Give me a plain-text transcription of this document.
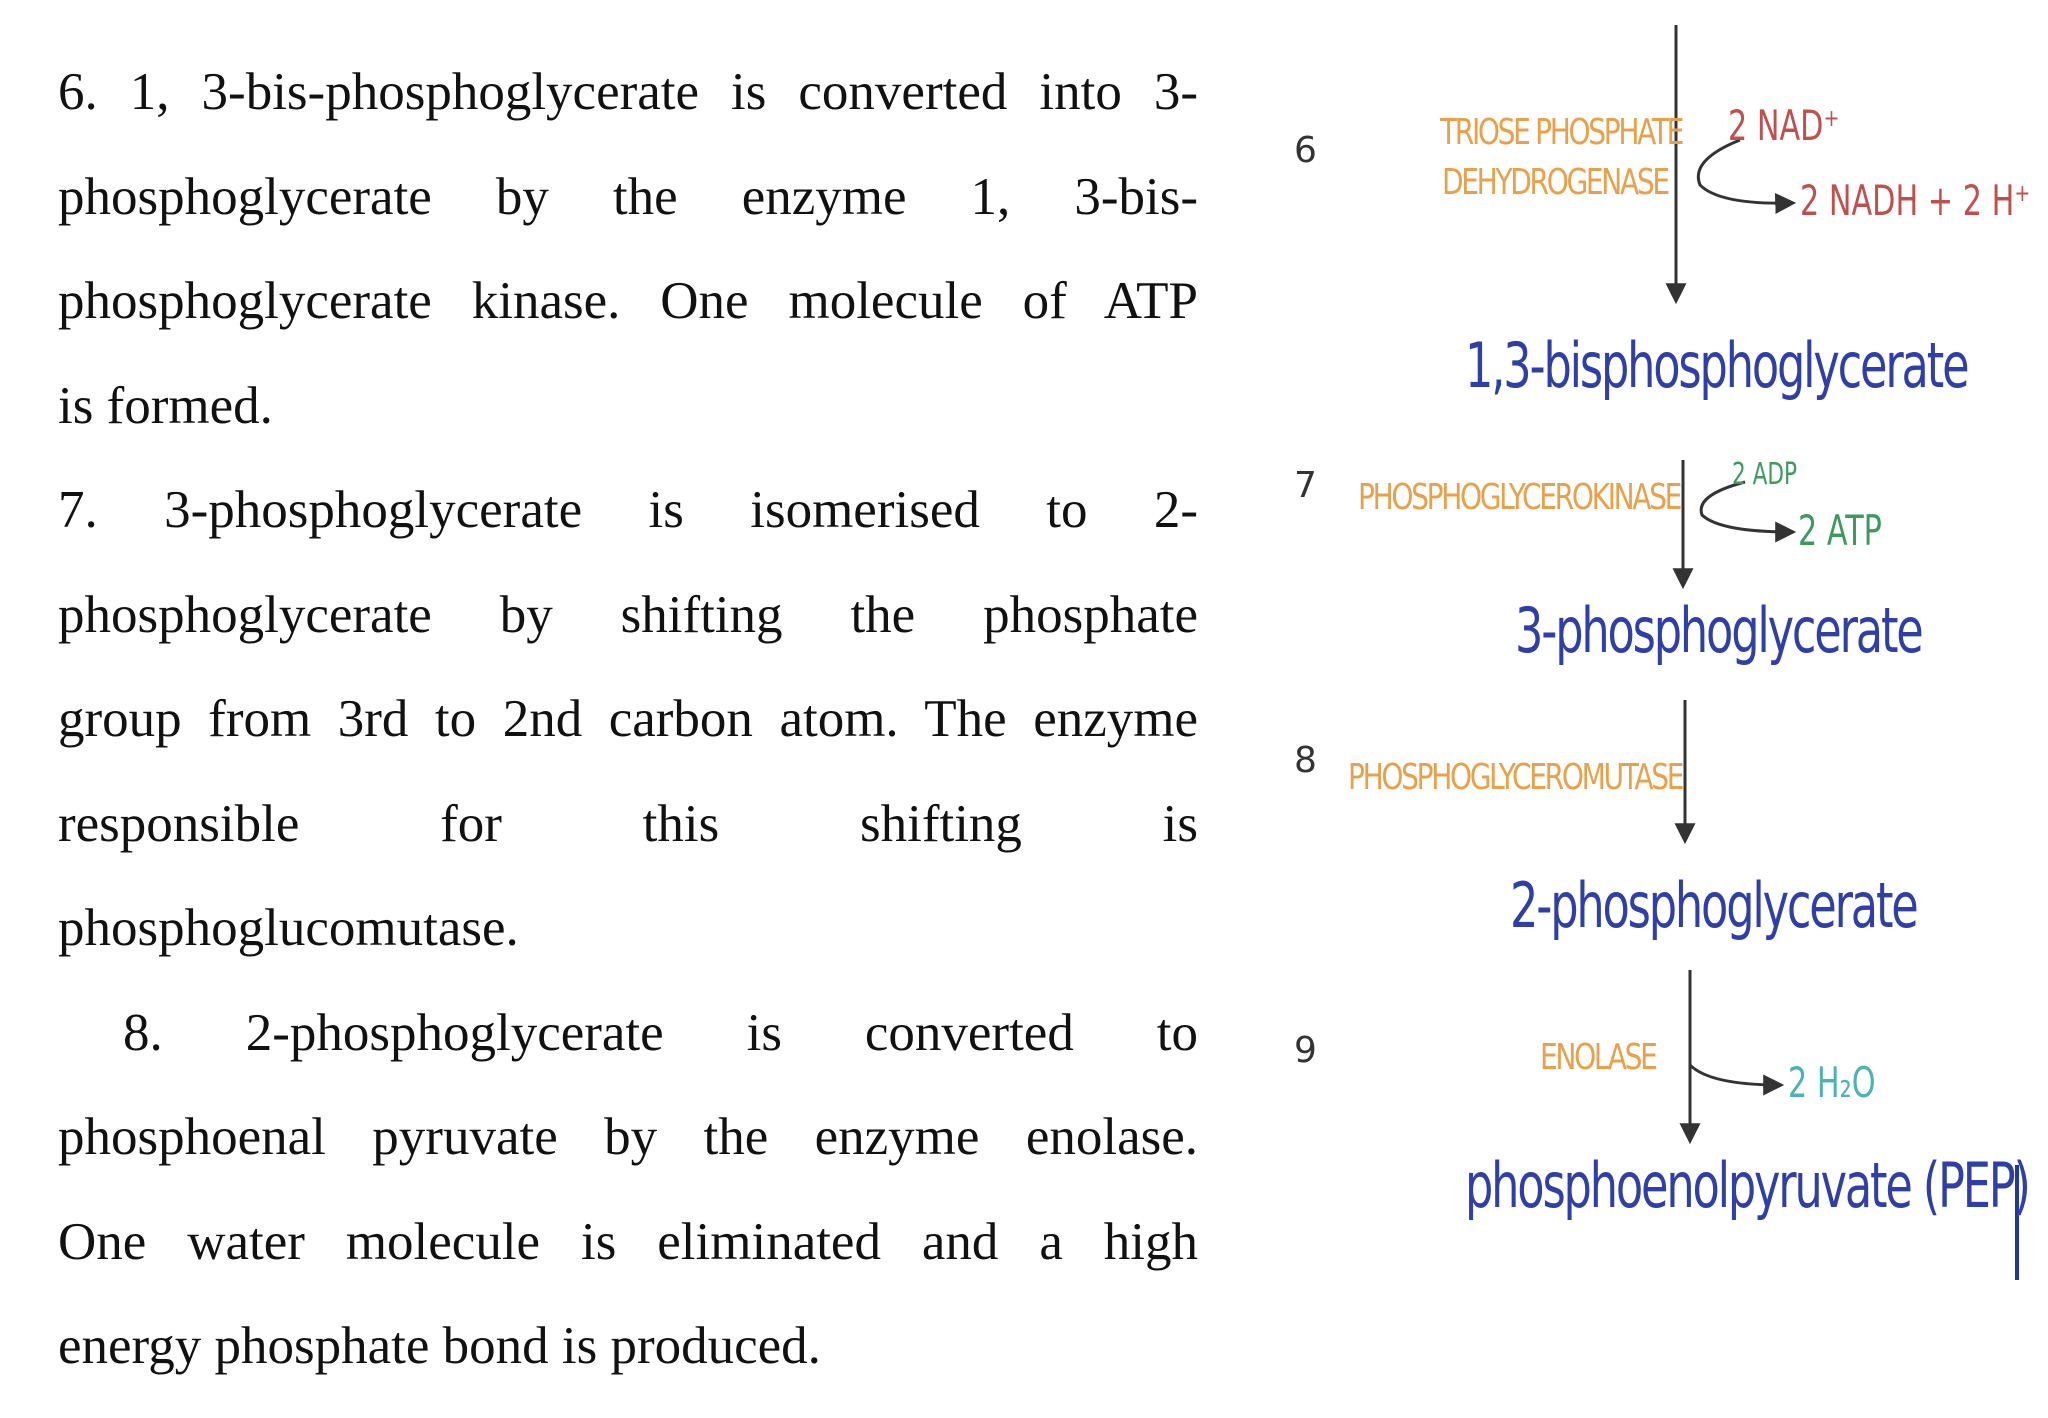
6. 1, 3-bis-phosphoglycerate is converted into 3-
phosphoglycerate by the enzyme 1, 3-bis-
phosphoglycerate kinase. One molecule of ATP
is formed.
7. 3-phosphoglycerate is isomerised to 2-
phosphoglycerate by shifting the phosphate
group from 3rd to 2nd carbon atom. The enzyme
responsible for this shifting is
phosphoglucomutase.
8. 2-phosphoglycerate is converted to
phosphoenal pyruvate by the enzyme enolase.
One water molecule is eliminated and a high
energy phosphate bond is produced.
6
7
8
9
TRIOSE PHOSPHATE
DEHYDROGENASE
PHOSPHOGLYCEROKINASE
PHOSPHOGLYCEROMUTASE
ENOLASE
1,3-bisphosphoglycerate
3-phosphoglycerate
2-phosphoglycerate
phosphoenolpyruvate (PEP)
2 NAD⁺
2 NADH + 2 H⁺
2 ADP
2 ATP
2 H₂O
